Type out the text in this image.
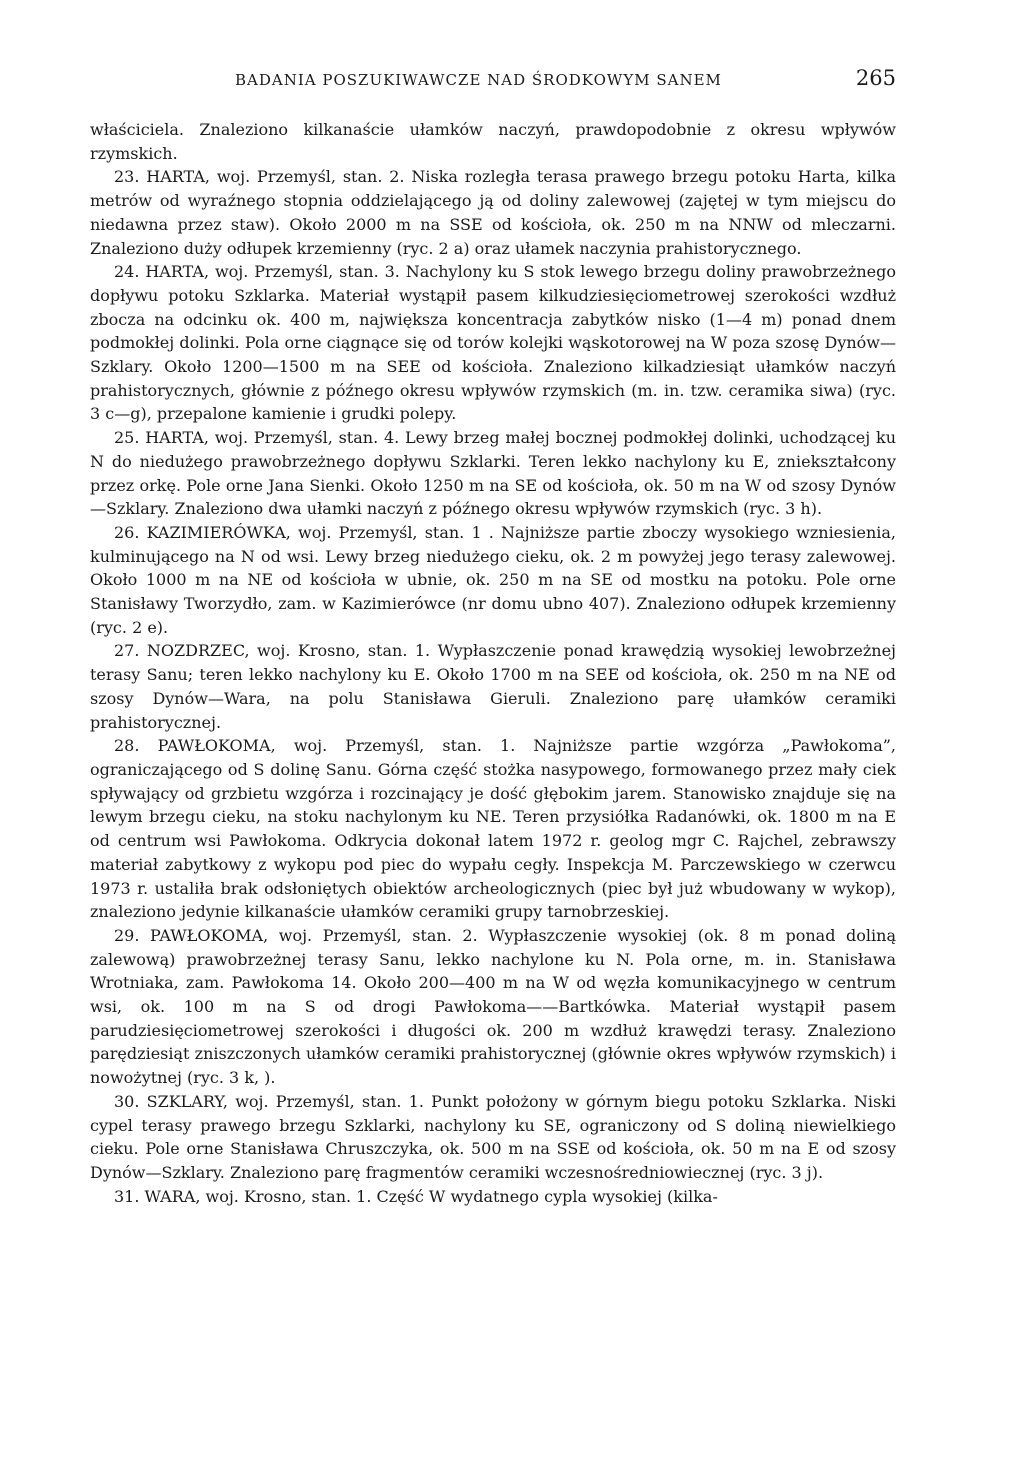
BADANIA POSZUKIWAWCZE NAD ŚRODKOWYM SANEM	265

właściciela. Znaleziono kilkanaście ułamków naczyń, prawdopodobnie z okresu wpływów rzymskich.

23. HARTA, woj. Przemyśl, stan. 2. Niska rozległa terasa prawego brzegu potoku Harta, kilka metrów od wyraźnego stopnia oddzielającego ją od doliny zalewowej (zajętej w tym miejscu do niedawna przez staw). Około 2000 m na SSE od kościoła, ok. 250 m na NNW od mleczarni. Znaleziono duży odłupek krzemienny (ryc. 2 a) oraz ułamek naczynia prahistorycznego.

24. HARTA, woj. Przemyśl, stan. 3. Nachylony ku S stok lewego brzegu doliny prawobrzeżnego dopływu potoku Szklarka. Materiał wystąpił pasem kilkudziesięciometrowej szerokości wzdłuż zbocza na odcinku ok. 400 m, największa koncentracja zabytków nisko (1—4 m) ponad dnem podmokłej dolinki. Pola orne ciągnące się od torów kolejki wąskotorowej na W poza szosę Dynów—Szklary. Około 1200—1500 m na SEE od kościoła. Znaleziono kilkadziesiąt ułamków naczyń prahistorycznych, głównie z późnego okresu wpływów rzymskich (m. in. tzw. ceramika siwa) (ryc. 3 c—g), przepalone kamienie i grudki polepy.

25. HARTA, woj. Przemyśl, stan. 4. Lewy brzeg małej bocznej podmokłej dolinki, uchodzącej ku N do niedużego prawobrzeżnego dopływu Szklarki. Teren lekko nachylony ku E, zniekształcony przez orkę. Pole orne Jana Sienki. Około 1250 m na SE od kościoła, ok. 50 m na W od szosy Dynów—Szklary. Znaleziono dwa ułamki naczyń z późnego okresu wpływów rzymskich (ryc. 3 h).

26. KAZIMIERÓWKA, woj. Przemyśl, stan. 1 . Najniższe partie zboczy wysokiego wzniesienia, kulminującego na N od wsi. Lewy brzeg niedużego cieku, ok. 2 m powyżej jego terasy zalewowej. Około 1000 m na NE od kościoła w ubnie, ok. 250 m na SE od mostku na potoku. Pole orne Stanisławy Tworzydło, zam. w Kazimierówce (nr domu ubno 407). Znaleziono odłupek krzemienny (ryc. 2 e).

27. NOZDRZEC, woj. Krosno, stan. 1. Wypłaszczenie ponad krawędzią wysokiej lewobrzeżnej terasy Sanu; teren lekko nachylony ku E. Około 1700 m na SEE od kościoła, ok. 250 m na NE od szosy Dynów—Wara, na polu Stanisława Gieruli. Znaleziono parę ułamków ceramiki prahistorycznej.

28. PAWŁOKOMA, woj. Przemyśl, stan. 1. Najniższe partie wzgórza „Pawłokoma”, ograniczającego od S dolinę Sanu. Górna część stożka nasypowego, formowanego przez mały ciek spływający od grzbietu wzgórza i rozcinający je dość głębokim jarem. Stanowisko znajduje się na lewym brzegu cieku, na stoku nachylonym ku NE. Teren przysiółka Radanówki, ok. 1800 m na E od centrum wsi Pawłokoma. Odkrycia dokonał latem 1972 r. geolog mgr C. Rajchel, zebrawszy materiał zabytkowy z wykopu pod piec do wypału cegły. Inspekcja M. Parczewskiego w czerwcu 1973 r. ustaliła brak odsłoniętych obiektów archeologicznych (piec był już wbudowany w wykop), znaleziono jedynie kilkanaście ułamków ceramiki grupy tarnobrzeskiej.

29. PAWŁOKOMA, woj. Przemyśl, stan. 2. Wypłaszczenie wysokiej (ok. 8 m ponad doliną zalewową) prawobrzeżnej terasy Sanu, lekko nachylone ku N. Pola orne, m. in. Stanisława Wrotniaka, zam. Pawłokoma 14. Około 200—400 m na W od węzła komunikacyjnego w centrum wsi, ok. 100 m na S od drogi Pawłokoma——Bartkówka. Materiał wystąpił pasem parudziesięciometrowej szerokości i długości ok. 200 m wzdłuż krawędzi terasy. Znaleziono parędziesiąt zniszczonych ułamków ceramiki prahistorycznej (głównie okres wpływów rzymskich) i nowożytnej (ryc. 3 k, ).

30. SZKLARY, woj. Przemyśl, stan. 1. Punkt położony w górnym biegu potoku Szklarka. Niski cypel terasy prawego brzegu Szklarki, nachylony ku SE, ograniczony od S doliną niewielkiego cieku. Pole orne Stanisława Chruszczyka, ok. 500 m na SSE od kościoła, ok. 50 m na E od szosy Dynów—Szklary. Znaleziono parę fragmentów ceramiki wczesnośredniowiecznej (ryc. 3 j).

31. WARA, woj. Krosno, stan. 1. Część W wydatnego cypla wysokiej (kilka-
